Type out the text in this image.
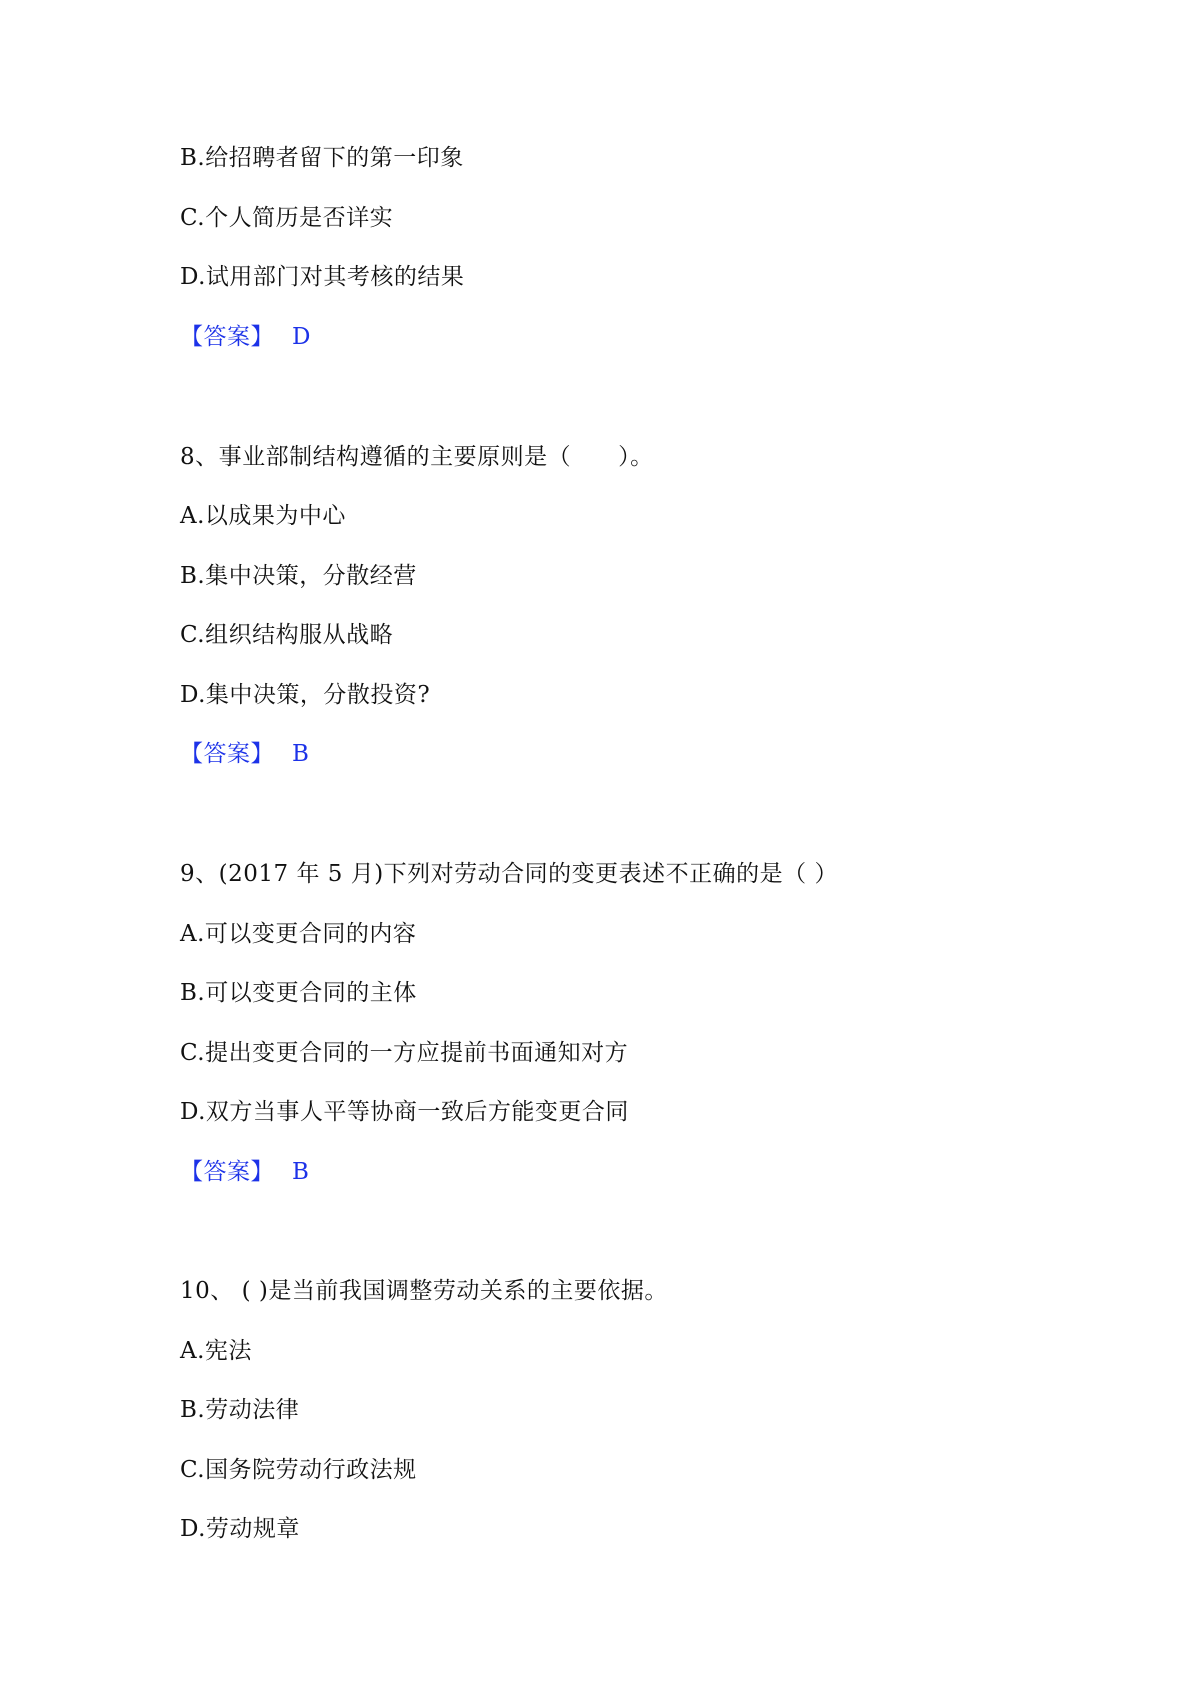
B.给招聘者留下的第一印象
C.个人简历是否详实
D.试用部门对其考核的结果
【答案】 D
8、事业部制结构遵循的主要原则是（　　）。
A.以成果为中心
B.集中决策，分散经营
C.组织结构服从战略
D.集中决策，分散投资?
【答案】 B
9、(2017 年 5 月)下列对劳动合同的变更表述不正确的是（ ）
A.可以变更合同的内容
B.可以变更合同的主体
C.提出变更合同的一方应提前书面通知对方
D.双方当事人平等协商一致后方能变更合同
【答案】 B
10、 ( )是当前我国调整劳动关系的主要依据。
A.宪法
B.劳动法律
C.国务院劳动行政法规
D.劳动规章
